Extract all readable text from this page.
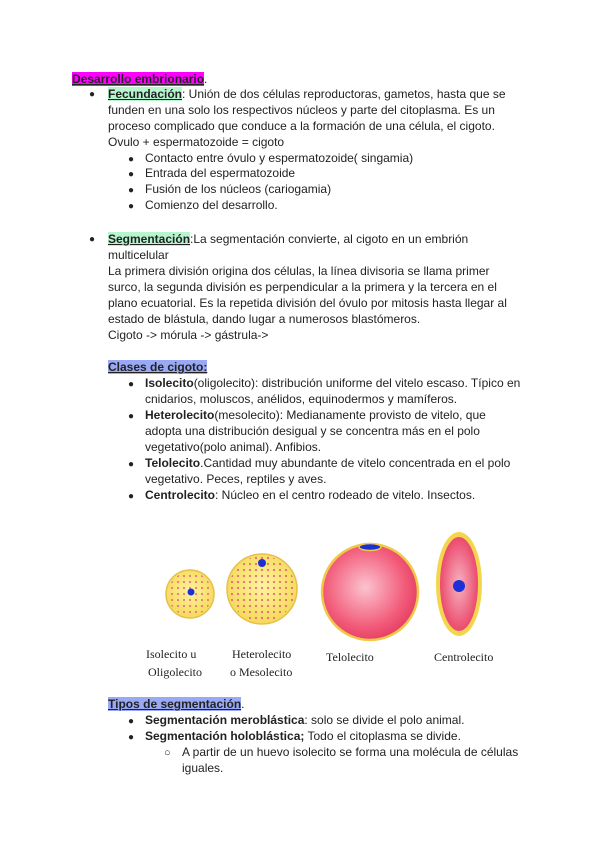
Desarrollo embrionario.
● Fecundación: Unión de dos células reproductoras, gametos, hasta que se
funden en una solo los respectivos núcleos y parte del citoplasma. Es un
proceso complicado que conduce a la formación de una célula, el cigoto.
Ovulo + espermatozoide = cigoto
● Contacto entre óvulo y espermatozoide( singamia)
● Entrada del espermatozoide
● Fusión de los núcleos (cariogamia)
● Comienzo del desarrollo.
● Segmentación:La segmentación convierte, al cigoto en un embrión
multicelular
La primera división origina dos células, la línea divisoria se llama primer
surco, la segunda división es perpendicular a la primera y la tercera en el
plano ecuatorial. Es la repetida división del óvulo por mitosis hasta llegar al
estado de blástula, dando lugar a numerosos blastómeros.
Cigoto -> mórula -> gástrula->
Clases de cigoto:
● Isolecito(oligolecito): distribución uniforme del vitelo escaso. Típico en
cnidarios, moluscos, anélidos, equinodermos y mamíferos.
● Heterolecito(mesolecito): Medianamente provisto de vitelo, que
adopta una distribución desigual y se concentra más en el polo
vegetativo(polo animal). Anfibios.
● Telolecito.Cantidad muy abundante de vitelo concentrada en el polo
vegetativo. Peces, reptiles y aves.
● Centrolecito: Núcleo en el centro rodeado de vitelo. Insectos.
Isolecito u
Oligolecito
Heterolecito
o Mesolecito
Telolecito	Centrolecito
Tipos de segmentación.
● Segmentación meroblástica: solo se divide el polo animal.
● Segmentación holoblástica; Todo el citoplasma se divide.
○ A partir de un huevo isolecito se forma una molécula de células
iguales.
